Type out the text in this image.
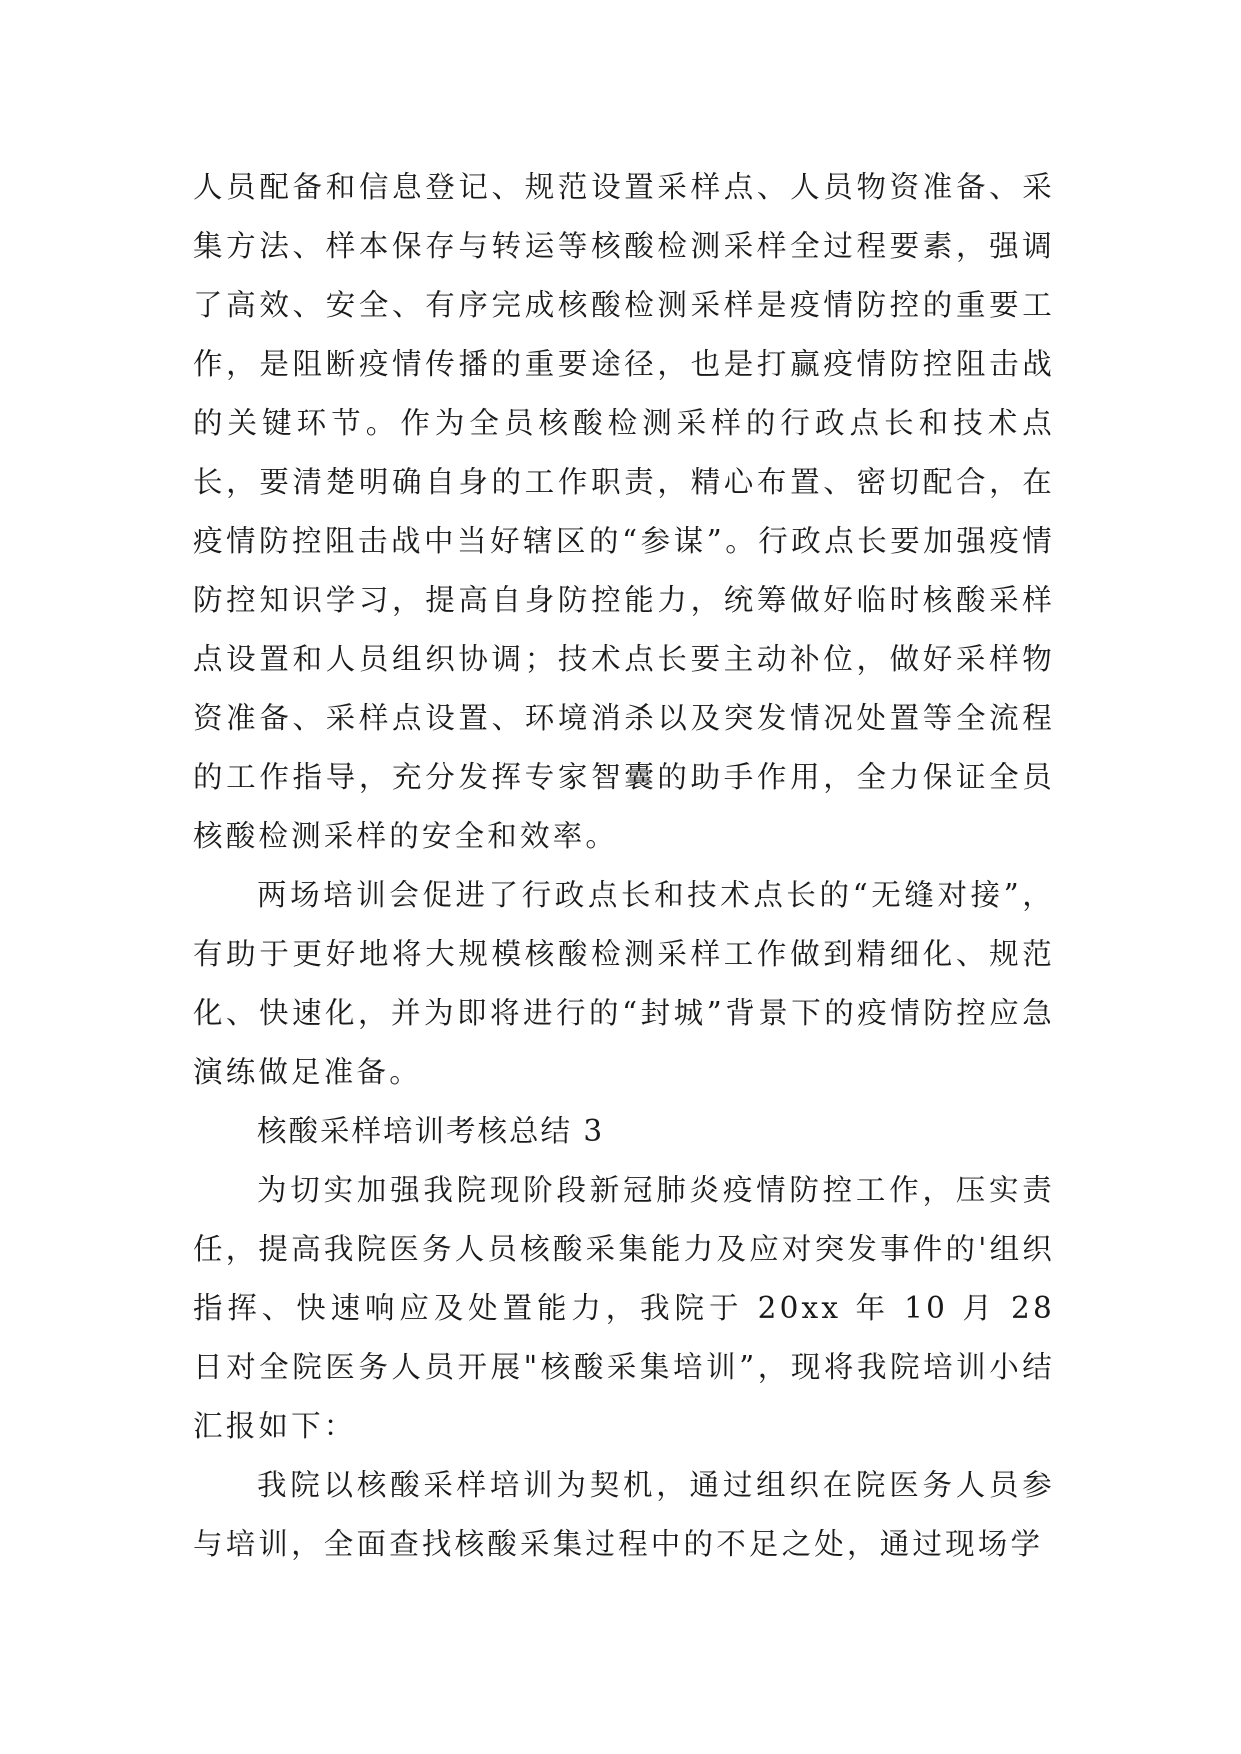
人员配备和信息登记、规范设置采样点、人员物资准备、采集方法、样本保存与转运等核酸检测采样全过程要素，强调了高效、安全、有序完成核酸检测采样是疫情防控的重要工作，是阻断疫情传播的重要途径，也是打赢疫情防控阻击战的关键环节。作为全员核酸检测采样的行政点长和技术点长，要清楚明确自身的工作职责，精心布置、密切配合，在疫情防控阻击战中当好辖区的“参谋”。行政点长要加强疫情防控知识学习，提高自身防控能力，统筹做好临时核酸采样点设置和人员组织协调；技术点长要主动补位，做好采样物资准备、采样点设置、环境消杀以及突发情况处置等全流程的工作指导，充分发挥专家智囊的助手作用，全力保证全员核酸检测采样的安全和效率。

两场培训会促进了行政点长和技术点长的“无缝对接”，有助于更好地将大规模核酸检测采样工作做到精细化、规范化、快速化，并为即将进行的“封城”背景下的疫情防控应急演练做足准备。

核酸采样培训考核总结 3

为切实加强我院现阶段新冠肺炎疫情防控工作，压实责任，提高我院医务人员核酸采集能力及应对突发事件的'组织指挥、快速响应及处置能力，我院于 20xx 年 10 月 28 日对全院医务人员开展"核酸采集培训”，现将我院培训小结汇报如下：

我院以核酸采样培训为契机，通过组织在院医务人员参与培训，全面查找核酸采集过程中的不足之处，通过现场学
